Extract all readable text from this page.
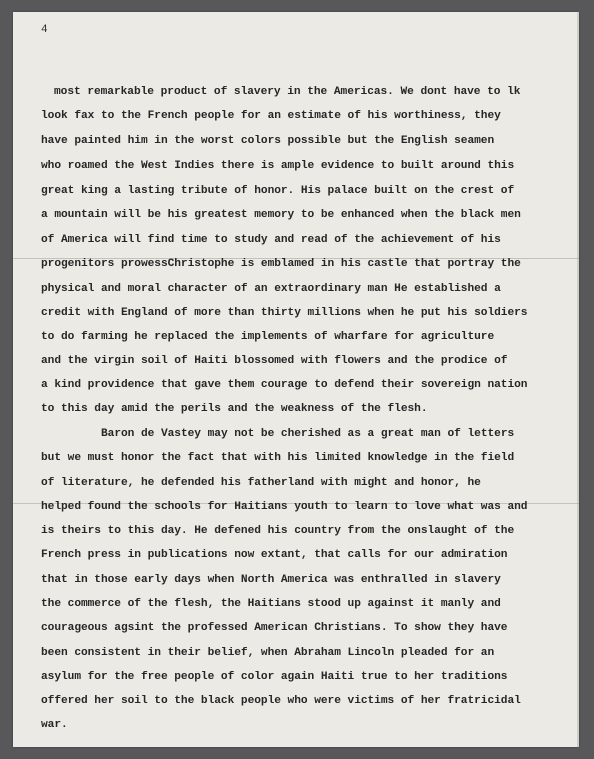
4

most remarkable product of slavery in the Americas. We dont have to lk

look fax to the French people for an estimate of his worthiness, they

have painted him in the worst colors possible but the English seamen

who roamed the West Indies there is ample evidence to built around this

great king a lasting tribute of honor. His palace built on the crest of

a mountain will be his greatest memory to be enhanced when the black men

of America will find time to study and read of the achievement of his

progenitors prowessChristophe is emblamed in his castle that portray the

physical and moral character of an extraordinary man He established a

credit with England of more than thirty millions when he put his soldiers

to do farming he replaced the implements of wharfare for agriculture

and the virgin soil of Haiti blossomed with flowers and the prodice of

a kind providence that gave them courage to defend their sovereign nation

to this day amid the perils and the weakness of the flesh.

Baron de Vastey may not be cherished as a great man of letters

but we must honor the fact that with his limited knowledge in the field

of literature, he defended his fatherland with might and honor, he

helped found the schools for Haitians youth to learn to love what was and

is theirs to this day. He defened his country from the onslaught of the

French press in publications now extant, that calls for our admiration

that in those early days when North America was enthralled in slavery

the commerce of the flesh, the Haitians stood up against it manly and

courageous agsint the professed American Christians. To show they have

been consistent in their belief, when Abraham Lincoln pleaded for an

asylum for the free people of color again Haiti true to her traditions

offered her soil to the black people who were victims of her fratricidal

war.
